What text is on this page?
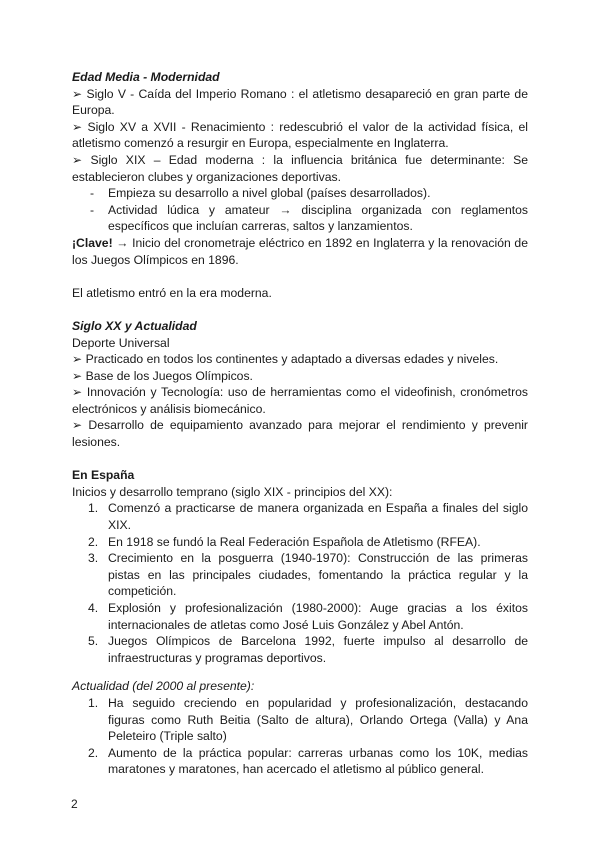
Edad Media - Modernidad

➢ Siglo V - Caída del Imperio Romano : el atletismo desapareció en gran parte de Europa.

➢ Siglo XV a XVII - Renacimiento : redescubrió el valor de la actividad física, el atletismo comenzó a resurgir en Europa, especialmente en Inglaterra.

➢ Siglo XIX – Edad moderna : la influencia británica fue determinante: Se establecieron clubes y organizaciones deportivas.

- Empieza su desarrollo a nivel global (países desarrollados).
- Actividad lúdica y amateur → disciplina organizada con reglamentos específicos que incluían carreras, saltos y lanzamientos.

¡Clave! → Inicio del cronometraje eléctrico en 1892 en Inglaterra y la renovación de los Juegos Olímpicos en 1896.

El atletismo entró en la era moderna.

Siglo XX y Actualidad

Deporte Universal

➢ Practicado en todos los continentes y adaptado a diversas edades y niveles.

➢ Base de los Juegos Olímpicos.

➢ Innovación y Tecnología: uso de herramientas como el videofinish, cronómetros electrónicos y análisis biomecánico.

➢ Desarrollo de equipamiento avanzado para mejorar el rendimiento y prevenir lesiones.

En España

Inicios y desarrollo temprano (siglo XIX - principios del XX):

1. Comenzó a practicarse de manera organizada en España a finales del siglo XIX.
2. En 1918 se fundó la Real Federación Española de Atletismo (RFEA).
3. Crecimiento en la posguerra (1940-1970): Construcción de las primeras pistas en las principales ciudades, fomentando la práctica regular y la competición.
4. Explosión y profesionalización (1980-2000): Auge gracias a los éxitos internacionales de atletas como José Luis González y Abel Antón.
5. Juegos Olímpicos de Barcelona 1992, fuerte impulso al desarrollo de infraestructuras y programas deportivos.

Actualidad (del 2000 al presente):

1. Ha seguido creciendo en popularidad y profesionalización, destacando figuras como Ruth Beitia (Salto de altura), Orlando Ortega (Valla) y Ana Peleteiro (Triple salto)
2. Aumento de la práctica popular: carreras urbanas como los 10K, medias maratones y maratones, han acercado el atletismo al público general.
2
